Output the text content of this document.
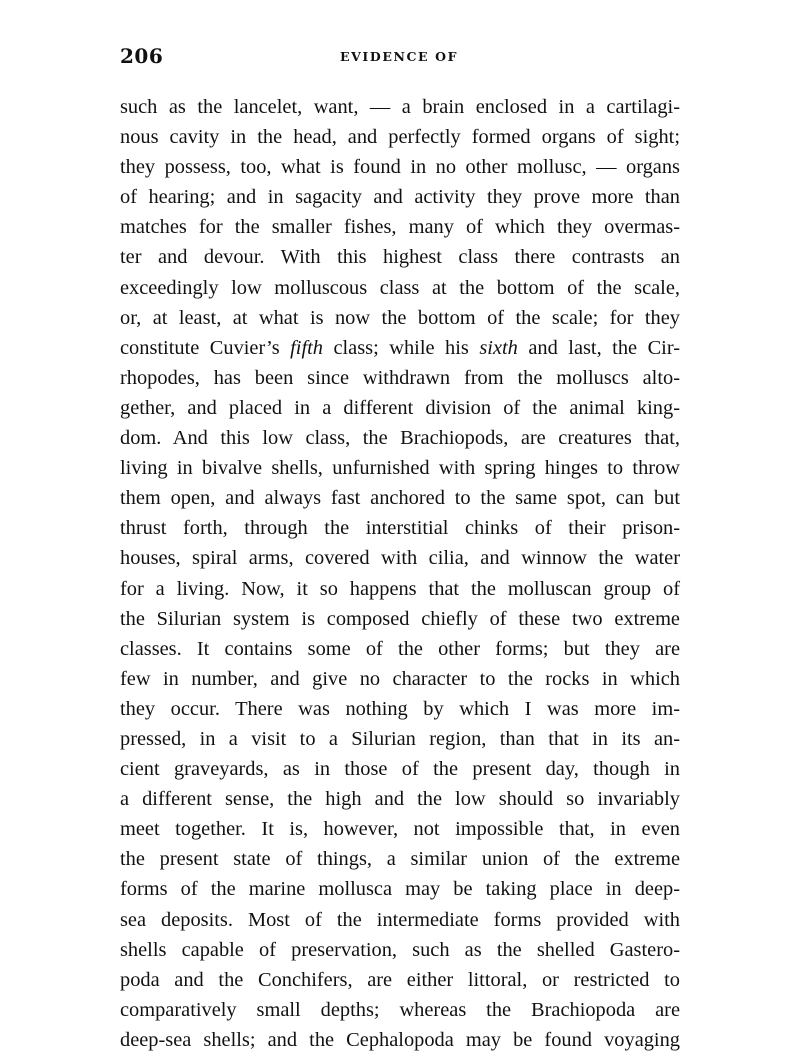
206	EVIDENCE OF
such as the lancelet, want, — a brain enclosed in a cartilagi-
nous cavity in the head, and perfectly formed organs of sight;
they possess, too, what is found in no other mollusc, — organs
of hearing; and in sagacity and activity they prove more than
matches for the smaller fishes, many of which they overmas-
ter and devour. With this highest class there contrasts an
exceedingly low molluscous class at the bottom of the scale,
or, at least, at what is now the bottom of the scale; for they
constitute Cuvier’s fifth class; while his sixth and last, the Cir-
rhopodes, has been since withdrawn from the molluscs alto-
gether, and placed in a different division of the animal king-
dom. And this low class, the Brachiopods, are creatures that,
living in bivalve shells, unfurnished with spring hinges to throw
them open, and always fast anchored to the same spot, can but
thrust forth, through the interstitial chinks of their prison-
houses, spiral arms, covered with cilia, and winnow the water
for a living. Now, it so happens that the molluscan group of
the Silurian system is composed chiefly of these two extreme
classes. It contains some of the other forms; but they are
few in number, and give no character to the rocks in which
they occur. There was nothing by which I was more im-
pressed, in a visit to a Silurian region, than that in its an-
cient graveyards, as in those of the present day, though in
a different sense, the high and the low should so invariably
meet together. It is, however, not impossible that, in even
the present state of things, a similar union of the extreme
forms of the marine mollusca may be taking place in deep-
sea deposits. Most of the intermediate forms provided with
shells capable of preservation, such as the shelled Gastero-
poda and the Conchifers, are either littoral, or restricted to
comparatively small depths; whereas the Brachiopoda are
deep-sea shells; and the Cephalopoda may be found voyaging
